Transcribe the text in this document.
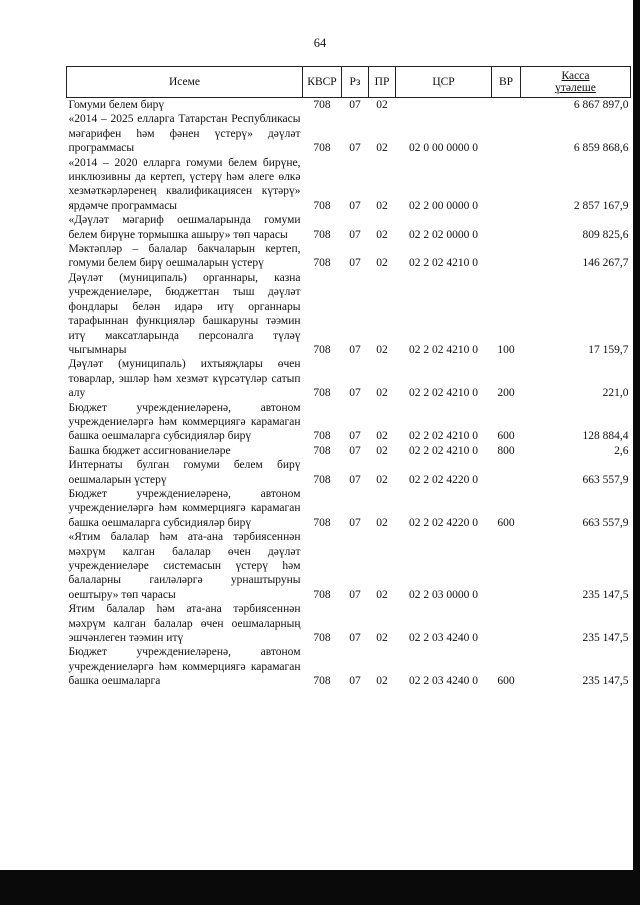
64
Исеме	КВСР	Рз	ПР	ЦСР	ВР	Касса
үтәлеше
Гомуми белем бирү	708	07	02			6 867 897,0
«2014 – 2025 елларга Татарстан Республикасы мәгарифен һәм фәнен үстерү» дәүләт программасы	708	07	02	02 0 00 0000 0		6 859 868,6
«2014 – 2020 елларга гомуми белем бирүне, инклюзивны да кертеп, үстерү һәм әлеге өлкә хезмәткәрләренең квалификациясен күтәрү» ярдәмче программасы	708	07	02	02 2 00 0000 0		2 857 167,9
«Дәүләт мәгариф оешмаларында гомуми белем бирүне тормышка ашыру» төп чарасы	708	07	02	02 2 02 0000 0		809 825,6
Мәктәпләр – балалар бакчаларын кертеп, гомуми белем бирү оешмаларын үстерү	708	07	02	02 2 02 4210 0		146 267,7
Дәүләт (муниципаль) органнары, казна учреждениеләре, бюджеттан тыш дәүләт фондлары белән идарә итү органнары тарафыннан функцияләр башкаруны тәэмин итү максатларында персоналга түләү чыгымнары	708	07	02	02 2 02 4210 0	100	17 159,7
Дәүләт (муниципаль) ихтыяҗлары өчен товарлар, эшләр һәм хезмәт күрсәтүләр сатып алу	708	07	02	02 2 02 4210 0	200	221,0
Бюджет учреждениеләренә, автоном учреждениеләргә һәм коммерциягә карамаган башка оешмаларга субсидияләр бирү	708	07	02	02 2 02 4210 0	600	128 884,4
Башка бюджет ассигнованиеләре	708	07	02	02 2 02 4210 0	800	2,6
Интернаты булган гомуми белем бирү оешмаларын үстерү	708	07	02	02 2 02 4220 0		663 557,9
Бюджет учреждениеләренә, автоном учреждениеләргә һәм коммерциягә карамаган башка оешмаларга субсидияләр бирү	708	07	02	02 2 02 4220 0	600	663 557,9
«Ятим балалар һәм ата-ана тәрбиясеннән мәхрүм калган балалар өчен дәүләт учреждениеләре системасын үстерү һәм балаларны гаиләләргә урнаштыруны оештыру» төп чарасы	708	07	02	02 2 03 0000 0		235 147,5
Ятим балалар һәм ата-ана тәрбиясеннән мәхрүм калган балалар өчен оешмаларның эшчәнлеген тәэмин итү	708	07	02	02 2 03 4240 0		235 147,5
Бюджет учреждениеләренә, автоном учреждениеләргә һәм коммерциягә карамаган башка оешмаларга	708	07	02	02 2 03 4240 0	600	235 147,5
